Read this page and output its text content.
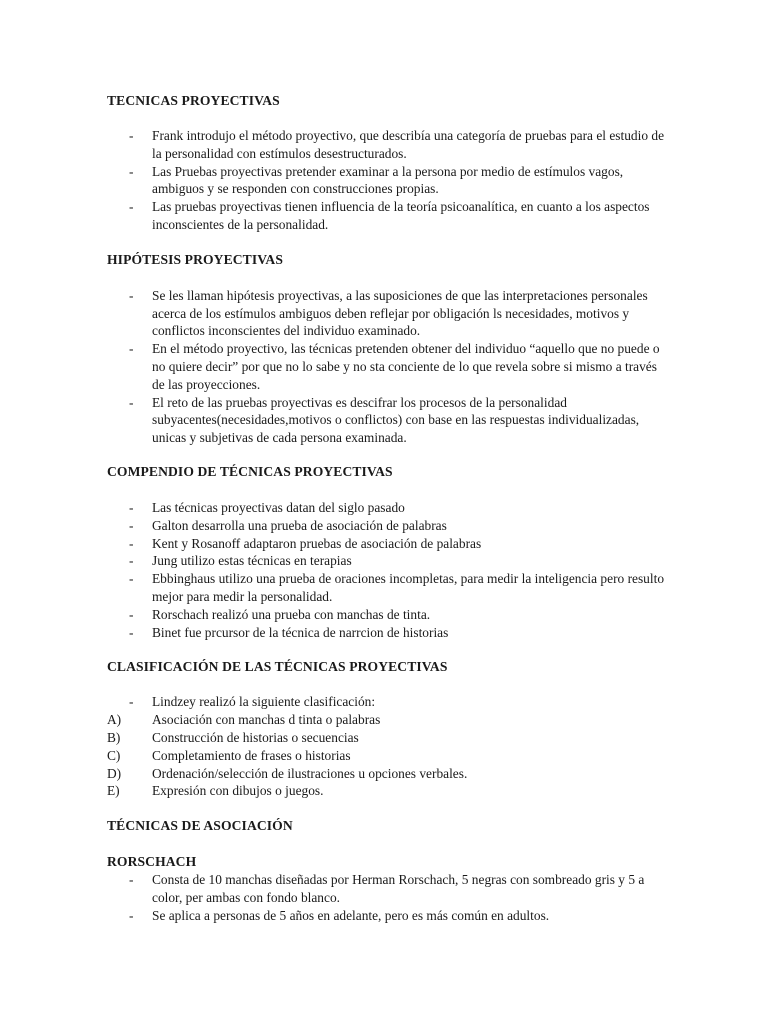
TECNICAS PROYECTIVAS
-	Frank introdujo el método proyectivo, que describía una categoría de pruebas para el estudio de la personalidad con estímulos desestructurados.
-	Las Pruebas proyectivas pretender examinar a la persona por medio de estímulos vagos, ambiguos y se responden con construcciones propias.
-	Las pruebas proyectivas tienen influencia de la teoría psicoanalítica, en cuanto a los aspectos inconscientes de la personalidad.
HIPÓTESIS PROYECTIVAS
-	Se les llaman hipótesis proyectivas, a las suposiciones de que las interpretaciones personales acerca de los estímulos ambiguos deben reflejar por obligación ls necesidades, motivos y conflictos inconscientes del individuo examinado.
-	En el método proyectivo, las técnicas pretenden obtener del individuo “aquello que no puede o no quiere decir” por que no lo sabe y no sta conciente de lo que revela sobre si mismo a través de las proyecciones.
-	El reto de las pruebas proyectivas es descifrar los procesos de la personalidad subyacentes(necesidades,motivos o conflictos) con base en las respuestas individualizadas, unicas y subjetivas de cada persona examinada.
COMPENDIO DE TÉCNICAS PROYECTIVAS
-	Las técnicas proyectivas datan del siglo pasado
-	Galton desarrolla una prueba de asociación de palabras
-	Kent y Rosanoff adaptaron pruebas de asociación de palabras
-	Jung utilizo estas técnicas en terapias
-	Ebbinghaus utilizo una prueba de oraciones incompletas, para medir la inteligencia pero resulto mejor para medir la personalidad.
-	Rorschach realizó una prueba con manchas de tinta.
-	Binet fue prcursor de la técnica de narrcion de historias
CLASIFICACIÓN DE LAS TÉCNICAS PROYECTIVAS
-	Lindzey realizó la siguiente clasificación:
A)	Asociación con manchas d tinta o palabras
B)	Construcción de historias o secuencias
C)	Completamiento de frases o historias
D)	Ordenación/selección de ilustraciones u opciones verbales.
E)	Expresión con dibujos o juegos.
TÉCNICAS DE ASOCIACIÓN
RORSCHACH
-	Consta de 10 manchas diseñadas por Herman Rorschach, 5 negras con sombreado gris y 5 a color, per ambas con fondo blanco.
-	Se aplica a personas de 5 años en adelante, pero es más común en adultos.
